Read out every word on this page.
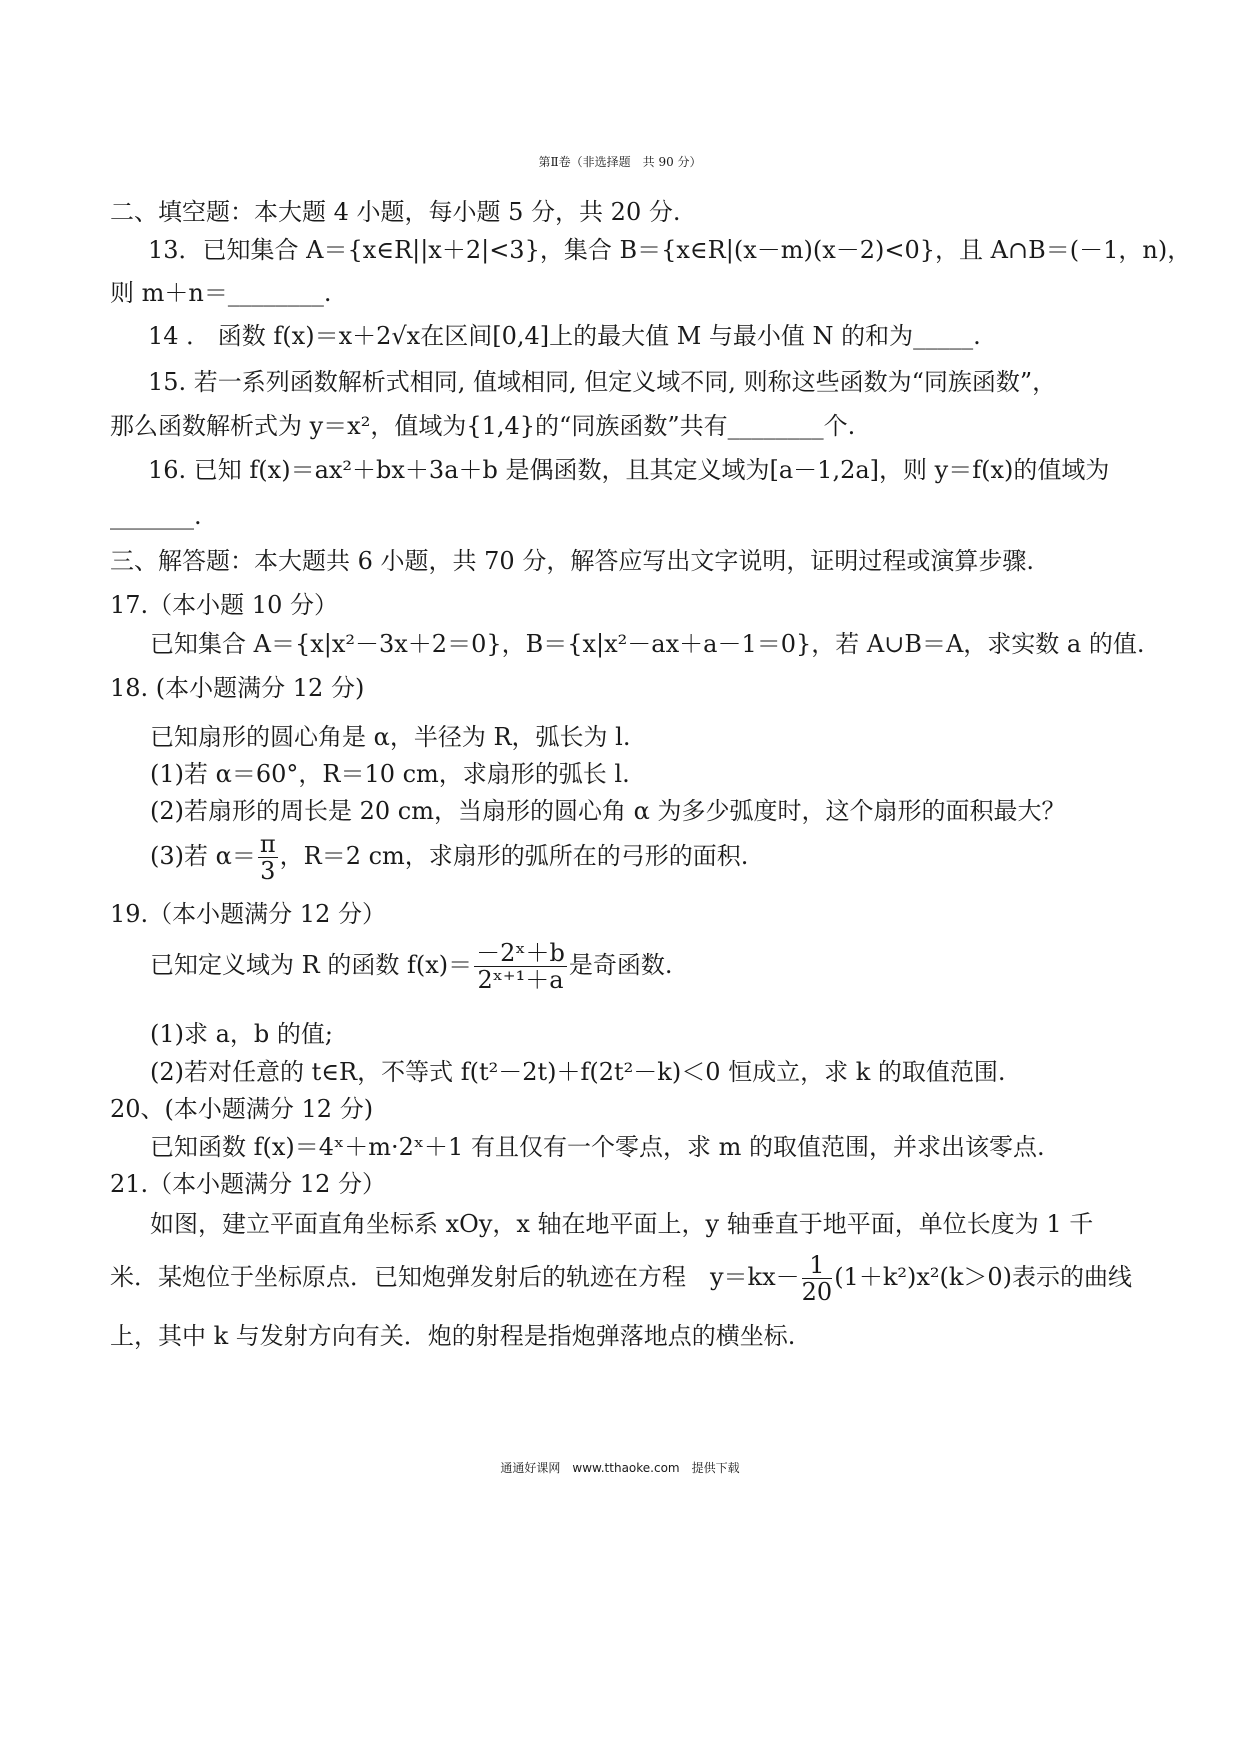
第Ⅱ卷（非选择题　共 90 分）
二、填空题：本大题 4 小题，每小题 5 分，共 20 分.
13．已知集合 A＝{x∈R||x＋2|<3}，集合 B＝{x∈R|(x－m)(x－2)<0}，且 A∩B＝(－1，n)，
则 m＋n＝________.
14 ． 函数 f(x)＝x＋2√x在区间[0,4]上的最大值 M 与最小值 N 的和为_____.
15. 若一系列函数解析式相同, 值域相同, 但定义域不同, 则称这些函数为“同族函数”，
那么函数解析式为 y＝x²，值域为{1,4}的“同族函数”共有________个.
16. 已知 f(x)＝ax²＋bx＋3a＋b 是偶函数，且其定义域为[a－1,2a]，则 y＝f(x)的值域为
_______.
三、解答题：本大题共 6 小题，共 70 分，解答应写出文字说明，证明过程或演算步骤.
17.（本小题 10 分）
已知集合 A＝{x|x²－3x＋2＝0}，B＝{x|x²－ax＋a－1＝0}，若 A∪B＝A，求实数 a 的值.
18. (本小题满分 12 分)
已知扇形的圆心角是 α，半径为 R，弧长为 l.
(1)若 α＝60°，R＝10 cm，求扇形的弧长 l.
(2)若扇形的周长是 20 cm，当扇形的圆心角 α 为多少弧度时，这个扇形的面积最大？
(3)若 $\alpha= \frac{\pi}{3}$ ，R＝2 cm，求扇形的弧所在的弓形的面积.
19.（本小题满分 12 分）
已知定义域为 R 的函数 $f(x)= \frac{\text{－2ˣ＋b}}{\text{2ˣ⁺¹＋a}}$ 是奇函数.
(1)求 a，b 的值;
(2)若对任意的 t∈R，不等式 f(t²－2t)＋f(2t²－k)＜0 恒成立，求 k 的取值范围.
20、(本小题满分 12 分)
已知函数 f(x)＝4ˣ＋m·2ˣ＋1 有且仅有一个零点，求 m 的取值范围，并求出该零点.
21.（本小题满分 12 分）
如图，建立平面直角坐标系 xOy，x 轴在地平面上，y 轴垂直于地平面，单位长度为 1 千
米．某炮位于坐标原点．已知炮弹发射后的轨迹在方程　$y=kx- \frac{1}{20} (1+k^2)x^2(k>0)$表示的曲线
上，其中 k 与发射方向有关．炮的射程是指炮弹落地点的横坐标.
通通好课网　www.tthaoke.com　提供下载
